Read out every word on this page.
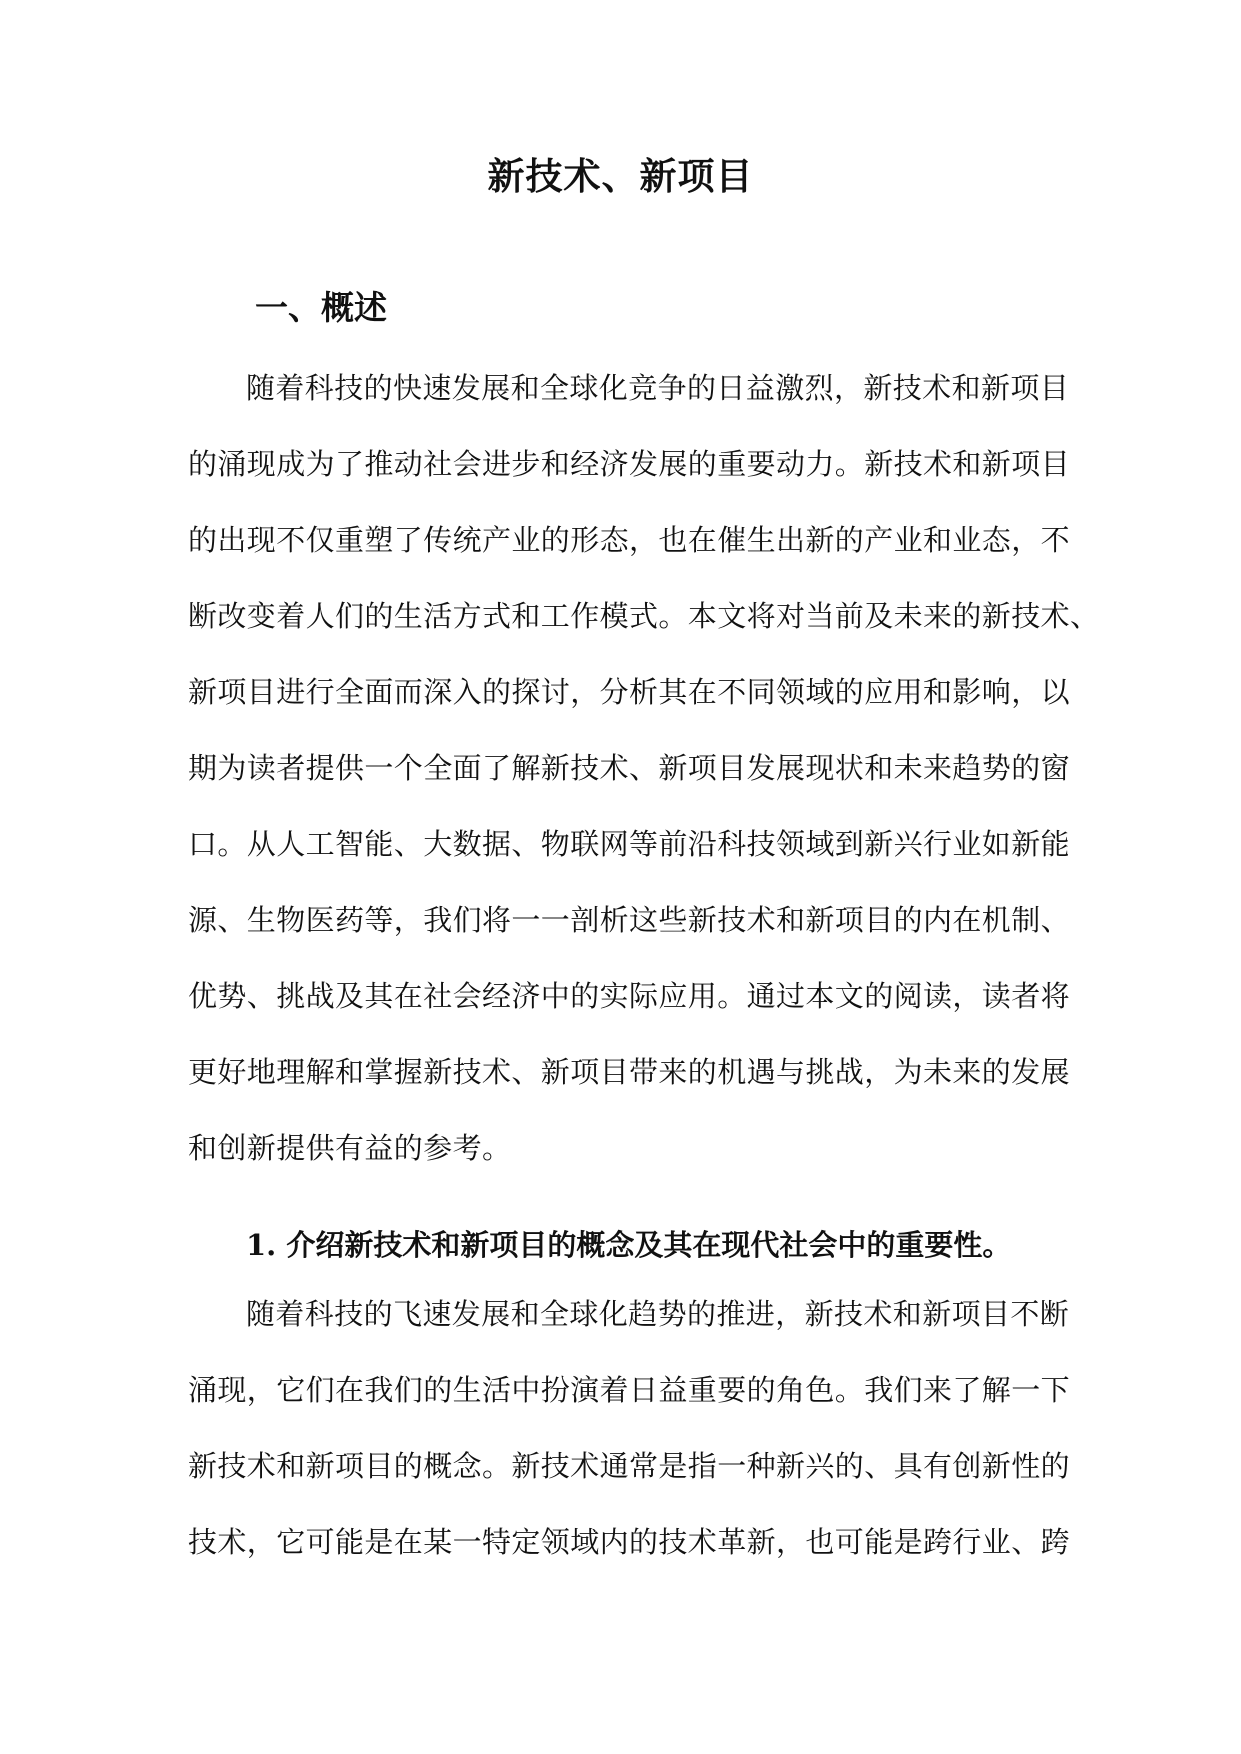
新技术、新项目
一、概述
随着科技的快速发展和全球化竞争的日益激烈，新技术和新项目
的涌现成为了推动社会进步和经济发展的重要动力。新技术和新项目
的出现不仅重塑了传统产业的形态，也在催生出新的产业和业态，不
断改变着人们的生活方式和工作模式。本文将对当前及未来的新技术、
新项目进行全面而深入的探讨，分析其在不同领域的应用和影响，以
期为读者提供一个全面了解新技术、新项目发展现状和未来趋势的窗
口。从人工智能、大数据、物联网等前沿科技领域到新兴行业如新能
源、生物医药等，我们将一一剖析这些新技术和新项目的内在机制、
优势、挑战及其在社会经济中的实际应用。通过本文的阅读，读者将
更好地理解和掌握新技术、新项目带来的机遇与挑战，为未来的发展
和创新提供有益的参考。
1. 介绍新技术和新项目的概念及其在现代社会中的重要性。
随着科技的飞速发展和全球化趋势的推进，新技术和新项目不断
涌现，它们在我们的生活中扮演着日益重要的角色。我们来了解一下
新技术和新项目的概念。新技术通常是指一种新兴的、具有创新性的
技术，它可能是在某一特定领域内的技术革新，也可能是跨行业、跨
